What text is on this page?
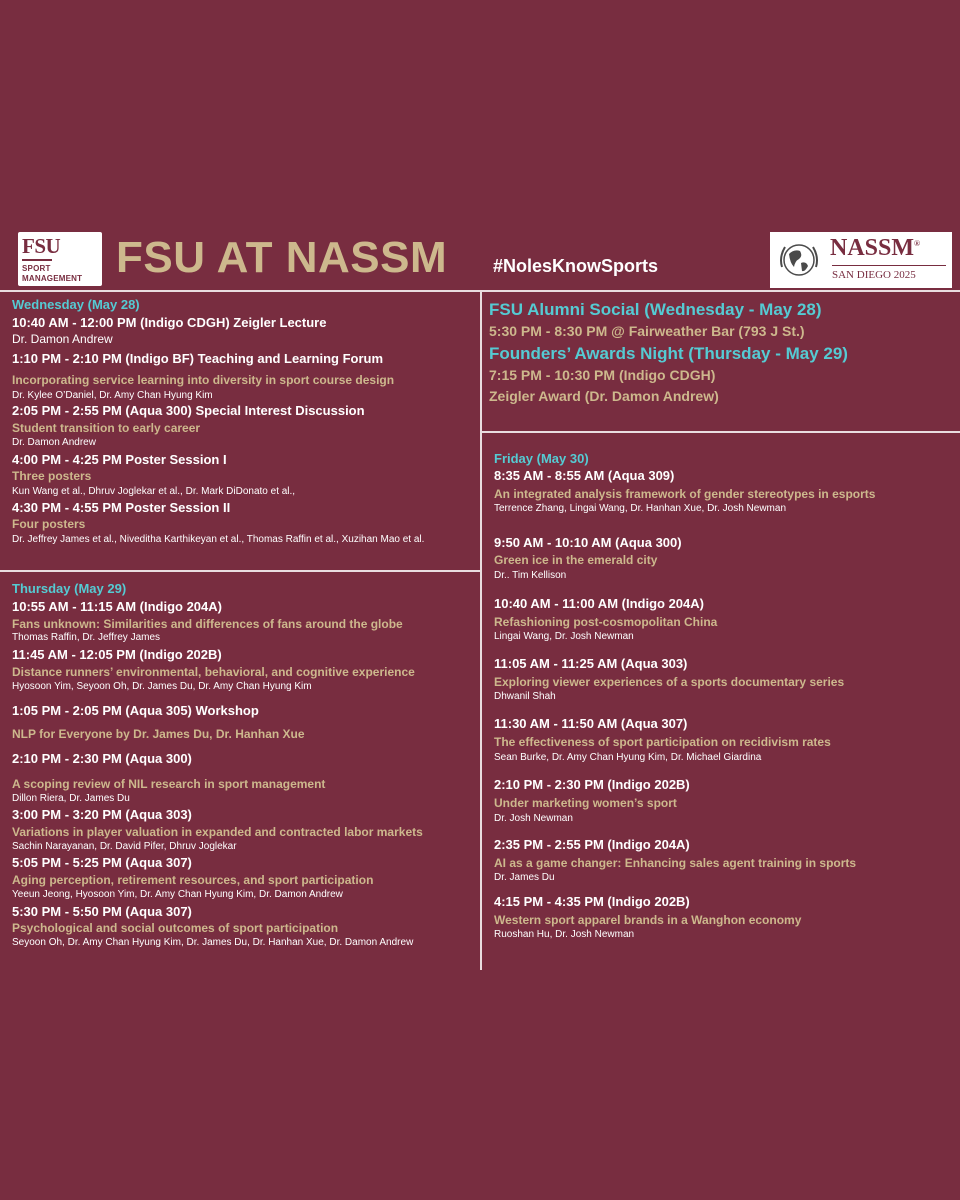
FSU
SPORT
MANAGEMENT FSU AT NASSM	#NolesKnowSports
NASSM®
SAN DIEGO 2025
Wednesday (May 28)
10:40 AM - 12:00 PM (Indigo CDGH) Zeigler Lecture
Dr. Damon Andrew
1:10 PM - 2:10 PM (Indigo BF) Teaching and Learning Forum
Incorporating service learning into diversity in sport course design
Dr. Kylee O’Daniel, Dr. Amy Chan Hyung Kim
2:05 PM - 2:55 PM (Aqua 300) Special Interest Discussion
Student transition to early career
Dr. Damon Andrew
4:00 PM - 4:25 PM Poster Session I
Three posters
Kun Wang et al., Dhruv Joglekar et al., Dr. Mark DiDonato et al.,
4:30 PM - 4:55 PM Poster Session II
Four posters
Dr. Jeffrey James et al., Niveditha Karthikeyan et al., Thomas Raffin et al., Xuzihan Mao et al.
Thursday (May 29)
10:55 AM - 11:15 AM (Indigo 204A)
Fans unknown: Similarities and differences of fans around the globe
Thomas Raffin, Dr. Jeffrey James
11:45 AM - 12:05 PM (Indigo 202B)
Distance runners’ environmental, behavioral, and cognitive experience
Hyosoon Yim, Seyoon Oh, Dr. James Du, Dr. Amy Chan Hyung Kim
1:05 PM - 2:05 PM (Aqua 305) Workshop
NLP for Everyone by Dr. James Du, Dr. Hanhan Xue
2:10 PM - 2:30 PM (Aqua 300)
A scoping review of NIL research in sport management
Dillon Riera, Dr. James Du
3:00 PM - 3:20 PM (Aqua 303)
Variations in player valuation in expanded and contracted labor markets
Sachin Narayanan, Dr. David Pifer, Dhruv Joglekar
5:05 PM - 5:25 PM (Aqua 307)
Aging perception, retirement resources, and sport participation
Yeeun Jeong, Hyosoon Yim, Dr. Amy Chan Hyung Kim, Dr. Damon Andrew
5:30 PM - 5:50 PM (Aqua 307)
Psychological and social outcomes of sport participation
Seyoon Oh, Dr. Amy Chan Hyung Kim, Dr. James Du, Dr. Hanhan Xue, Dr. Damon Andrew
FSU Alumni Social (Wednesday - May 28)
5:30 PM - 8:30 PM @ Fairweather Bar (793 J St.)
Founders’ Awards Night (Thursday - May 29)
7:15 PM - 10:30 PM (Indigo CDGH)
Zeigler Award (Dr. Damon Andrew)
Friday (May 30)
8:35 AM - 8:55 AM (Aqua 309)
An integrated analysis framework of gender stereotypes in esports
Terrence Zhang, Lingai Wang, Dr. Hanhan Xue, Dr. Josh Newman
9:50 AM - 10:10 AM (Aqua 300)
Green ice in the emerald city
Dr.. Tim Kellison
10:40 AM - 11:00 AM (Indigo 204A)
Refashioning post-cosmopolitan China
Lingai Wang, Dr. Josh Newman
11:05 AM - 11:25 AM (Aqua 303)
Exploring viewer experiences of a sports documentary series
Dhwanil Shah
11:30 AM - 11:50 AM (Aqua 307)
The effectiveness of sport participation on recidivism rates
Sean Burke, Dr. Amy Chan Hyung Kim, Dr. Michael Giardina
2:10 PM - 2:30 PM (Indigo 202B)
Under marketing women’s sport
Dr. Josh Newman
2:35 PM - 2:55 PM (Indigo 204A)
AI as a game changer: Enhancing sales agent training in sports
Dr. James Du
4:15 PM - 4:35 PM (Indigo 202B)
Western sport apparel brands in a Wanghon economy
Ruoshan Hu, Dr. Josh Newman
